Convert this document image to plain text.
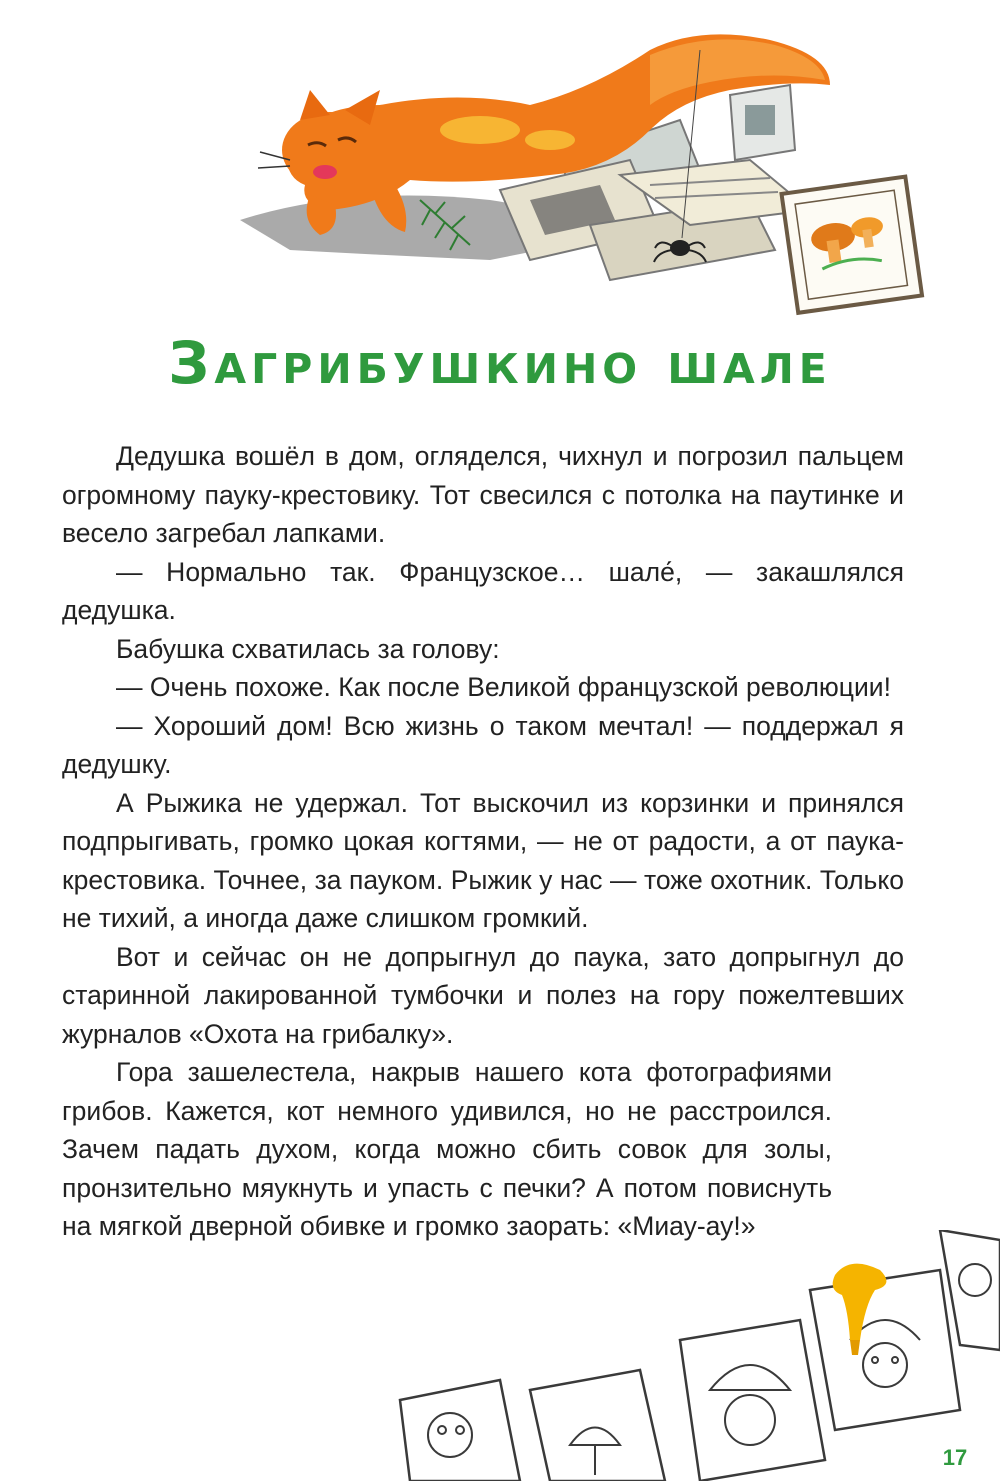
Загрибушкино шале

Дедушка вошёл в дом, огляделся, чихнул и погрозил пальцем огромному пауку-крестовику. Тот свесился с потолка на паутинке и весело загребал лапками.

— Нормально так. Французское… шале́, — закашлялся дедушка.

Бабушка схватилась за голову:

— Очень похоже. Как после Великой французской революции!

— Хороший дом! Всю жизнь о таком мечтал! — поддержал я дедушку.

А Рыжика не удержал. Тот выскочил из корзинки и принялся подпрыгивать, громко цокая когтями, — не от радости, а от паука-крестовика. Точнее, за пауком. Рыжик у нас — тоже охотник. Только не тихий, а иногда даже слишком громкий.

Вот и сейчас он не допрыгнул до паука, зато допрыгнул до старинной лакированной тумбочки и полез на гору пожелтевших журналов «Охота на грибалку».

Гора зашелестела, накрыв нашего кота фотографиями грибов. Кажется, кот немного удивился, но не расстроился. Зачем падать духом, когда можно сбить совок для золы, пронзительно мяукнуть и упасть с печки? А потом повиснуть на мягкой дверной обивке и громко заорать: «Миау-ау!»

17
